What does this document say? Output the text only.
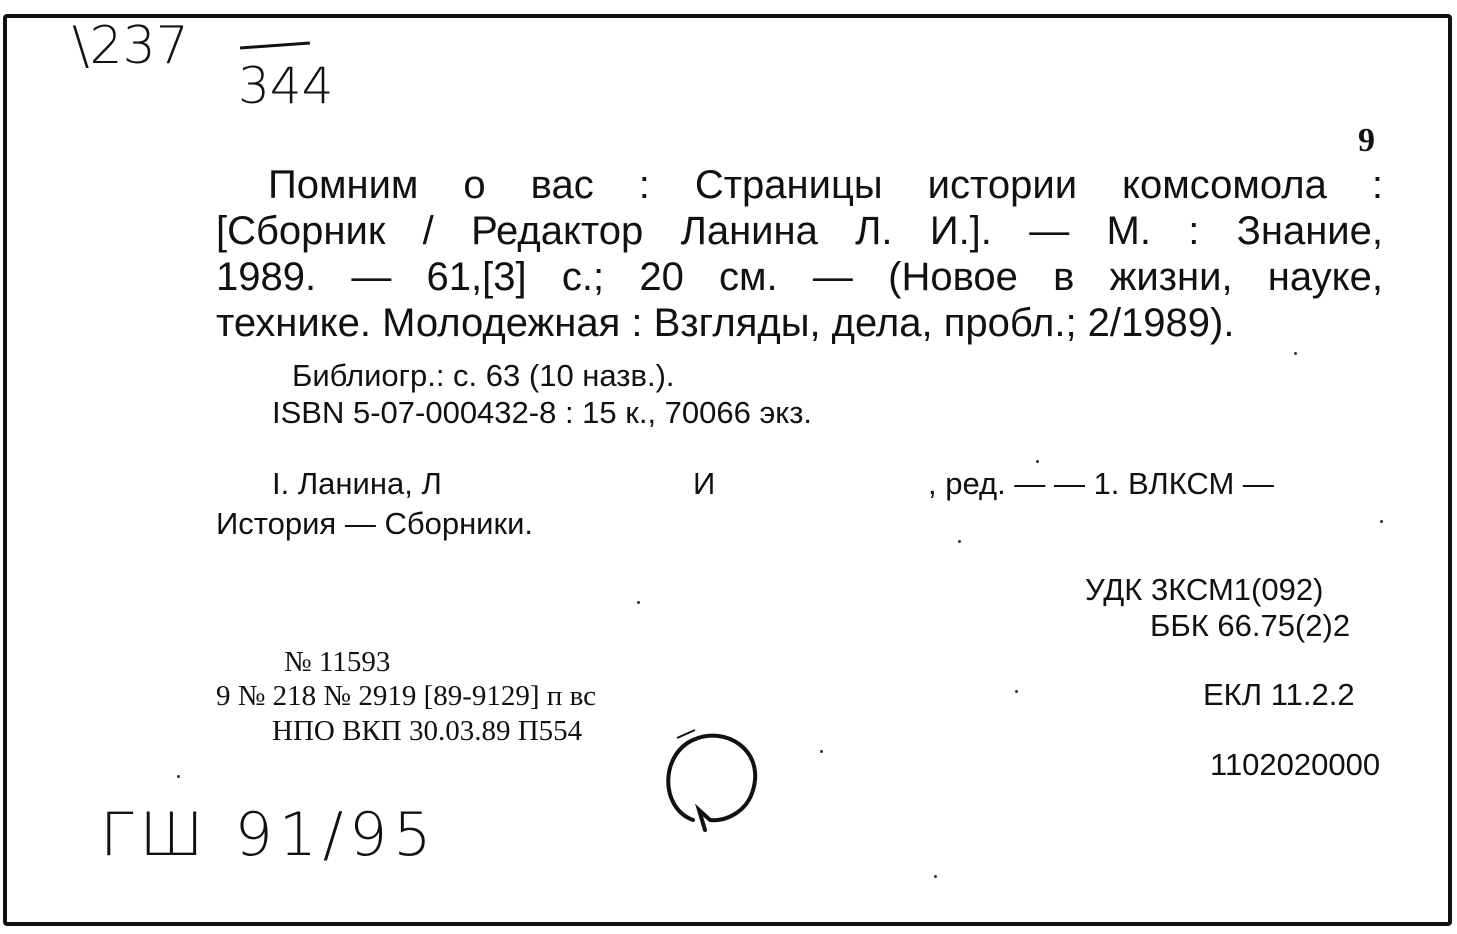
\237
344
9
Помним о вас : Страницы истории комсомола :
[Сборник / Редактор Ланина Л. И.]. — М. : Знание,
1989. — 61,[3] с.; 20 см. — (Новое в жизни, науке,
технике. Молодежная : Взгляды, дела, пробл.; 2/1989).
Библиогр.: с. 63 (10 назв.).
ISBN 5-07-000432-8 : 15 к., 70066 экз.
I. Ланина, Л	И	, ред. — — 1. ВЛКСМ —
История — Сборники.
УДК 3КСМ1(092)
ББК 66.75(2)2
ЕКЛ 11.2.2
1102020000
№ 11593
9 № 218 № 2919 [89-9129] п вс
НПО ВКП 30.03.89 П554
ГШ 91/95
